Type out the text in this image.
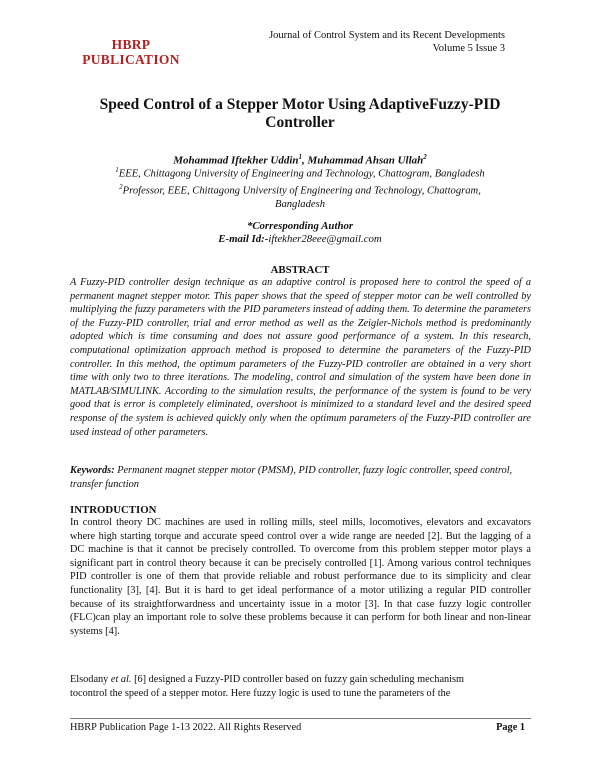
HBRP
PUBLICATION
Journal of Control System and its Recent Developments
Volume 5 Issue 3
Speed Control of a Stepper Motor Using AdaptiveFuzzy-PID
Controller
Mohammad Iftekher Uddin$^1$, Muhammad Ahsan Ullah$^2$
$^1$EEE, Chittagong University of Engineering and Technology, Chattogram, Bangladesh
$^2$Professor, EEE, Chittagong University of Engineering and Technology, Chattogram,
Bangladesh
*Corresponding Author
E-mail Id:-iftekher28eee@gmail.com
ABSTRACT
A Fuzzy-PID controller design technique as an adaptive control is proposed here to control the speed of a permanent magnet stepper motor. This paper shows that the speed of stepper motor can be well controlled by multiplying the fuzzy parameters with the PID parameters instead of adding them. To determine the parameters of the Fuzzy-PID controller, trial and error method as well as the Zeigler-Nichols method is predominantly adopted which is time consuming and does not assure good performance of a system. In this research, computational optimization approach method is proposed to determine the parameters of the Fuzzy-PID controller. In this method, the optimum parameters of the Fuzzy-PID controller are obtained in a very short time with only two to three iterations. The modeling, control and simulation of the system have been done in MATLAB/SIMULINK. According to the simulation results, the performance of the system is found to be very good that is error is completely eliminated, overshoot is minimized to a standard level and the desired speed response of the system is achieved quickly only when the optimum parameters of the Fuzzy-PID controller are used instead of other parameters.
Keywords: Permanent magnet stepper motor (PMSM), PID controller, fuzzy logic controller, speed control, transfer function
INTRODUCTION
In control theory DC machines are used in rolling mills, steel mills, locomotives, elevators and excavators where high starting torque and accurate speed control over a wide range are needed [2]. But the lagging of a DC machine is that it cannot be precisely controlled. To overcome from this problem stepper motor plays a significant part in control theory because it can be precisely controlled [1]. Among various control techniques PID controller is one of them that provide reliable and robust performance due to its simplicity and clear functionality [3], [4]. But it is hard to get ideal performance of a motor utilizing a regular PID controller because of its straightforwardness and uncertainty issue in a motor [3]. In that case fuzzy logic controller (FLC)can play an important role to solve these problems because it can perform for both linear and non-linear systems [4].
Elsodany et al. [6] designed a Fuzzy-PID controller based on fuzzy gain scheduling mechanism
tocontrol the speed of a stepper motor. Here fuzzy logic is used to tune the parameters of the
HBRP Publication Page 1-13 2022. All Rights Reserved	Page 1
